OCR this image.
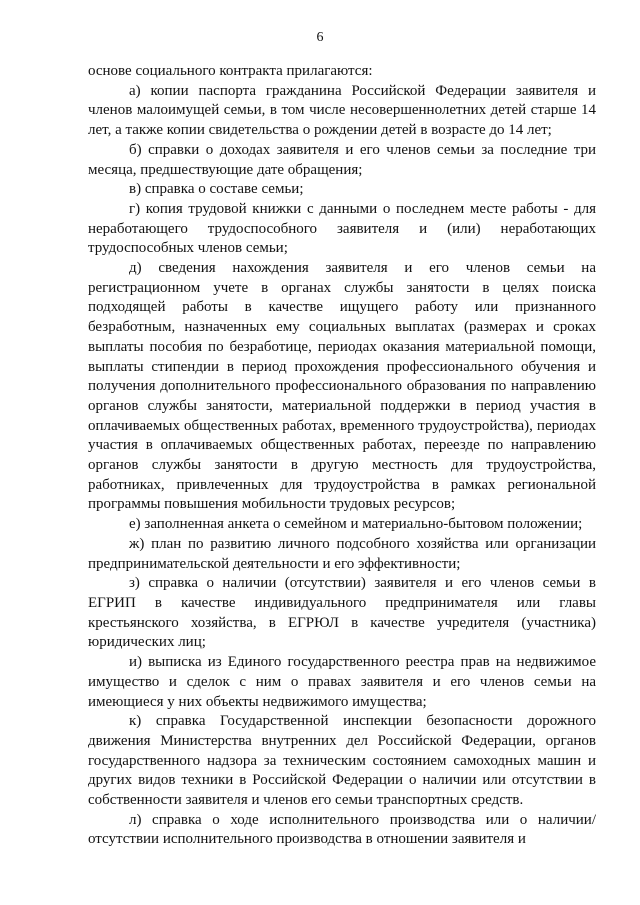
6

основе социального контракта прилагаются:

а) копии паспорта гражданина Российской Федерации заявителя и членов малоимущей семьи, в том числе несовершеннолетних детей старше 14 лет, а также копии свидетельства о рождении детей в возрасте до 14 лет;

б) справки о доходах заявителя и его членов семьи за последние три месяца, предшествующие дате обращения;

в) справка о составе семьи;

г) копия трудовой книжки с данными о последнем месте работы - для неработающего трудоспособного заявителя и (или) неработающих трудоспособных членов семьи;

д) сведения нахождения заявителя и его членов семьи на регистрационном учете в органах службы занятости в целях поиска подходящей работы в качестве ищущего работу или признанного безработным, назначенных ему социальных выплатах (размерах и сроках выплаты пособия по безработице, периодах оказания материальной помощи, выплаты стипендии в период прохождения профессионального обучения и получения дополнительного профессионального образования по направлению органов службы занятости, материальной поддержки в период участия в оплачиваемых общественных работах, временного трудоустройства), периодах участия в оплачиваемых общественных работах, переезде по направлению органов службы занятости в другую местность для трудоустройства, работниках, привлеченных для трудоустройства в рамках региональной программы повышения мобильности трудовых ресурсов;

е) заполненная анкета о семейном и материально-бытовом положении;

ж) план по развитию личного подсобного хозяйства или организации предпринимательской деятельности и его эффективности;

з) справка о наличии (отсутствии) заявителя и его членов семьи в ЕГРИП в качестве индивидуального предпринимателя или главы крестьянского хозяйства, в ЕГРЮЛ в качестве учредителя (участника) юридических лиц;

и) выписка из Единого государственного реестра прав на недвижимое имущество и сделок с ним о правах заявителя и его членов семьи на имеющиеся у них объекты недвижимого имущества;

к) справка Государственной инспекции безопасности дорожного движения Министерства внутренних дел Российской Федерации, органов государственного надзора за техническим состоянием самоходных машин и других видов техники в Российской Федерации о наличии или отсутствии в собственности заявителя и членов его семьи транспортных средств.

л) справка о ходе исполнительного производства или о наличии/отсутствии исполнительного производства в отношении заявителя и
